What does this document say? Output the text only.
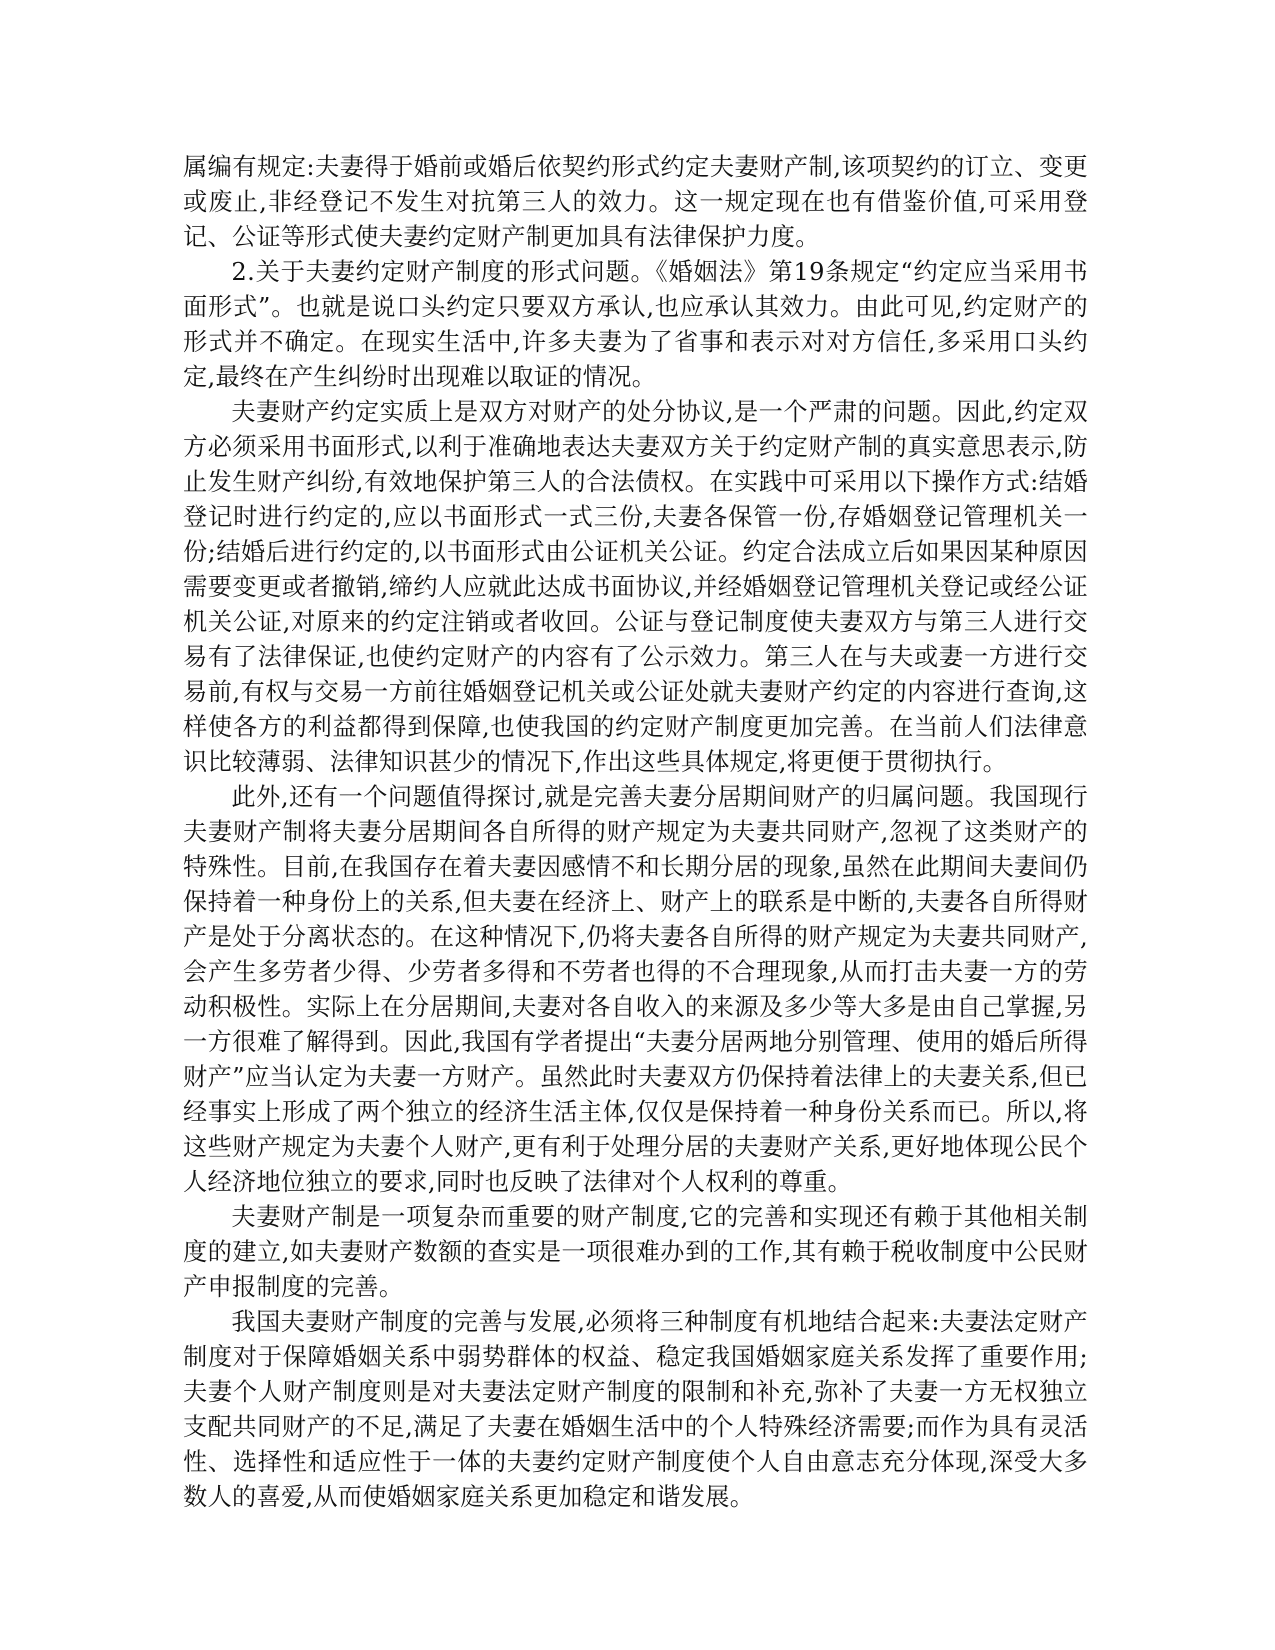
属编有规定:夫妻得于婚前或婚后依契约形式约定夫妻财产制,该项契约的订立、变更或废止,非经登记不发生对抗第三人的效力。这一规定现在也有借鉴价值,可采用登记、公证等形式使夫妻约定财产制更加具有法律保护力度。

2.关于夫妻约定财产制度的形式问题。《婚姻法》第19条规定“约定应当采用书面形式”。也就是说口头约定只要双方承认,也应承认其效力。由此可见,约定财产的形式并不确定。在现实生活中,许多夫妻为了省事和表示对对方信任,多采用口头约定,最终在产生纠纷时出现难以取证的情况。

夫妻财产约定实质上是双方对财产的处分协议,是一个严肃的问题。因此,约定双方必须采用书面形式,以利于准确地表达夫妻双方关于约定财产制的真实意思表示,防止发生财产纠纷,有效地保护第三人的合法债权。在实践中可采用以下操作方式:结婚登记时进行约定的,应以书面形式一式三份,夫妻各保管一份,存婚姻登记管理机关一份;结婚后进行约定的,以书面形式由公证机关公证。约定合法成立后如果因某种原因需要变更或者撤销,缔约人应就此达成书面协议,并经婚姻登记管理机关登记或经公证机关公证,对原来的约定注销或者收回。公证与登记制度使夫妻双方与第三人进行交易有了法律保证,也使约定财产的内容有了公示效力。第三人在与夫或妻一方进行交易前,有权与交易一方前往婚姻登记机关或公证处就夫妻财产约定的内容进行查询,这样使各方的利益都得到保障,也使我国的约定财产制度更加完善。在当前人们法律意识比较薄弱、法律知识甚少的情况下,作出这些具体规定,将更便于贯彻执行。

此外,还有一个问题值得探讨,就是完善夫妻分居期间财产的归属问题。我国现行夫妻财产制将夫妻分居期间各自所得的财产规定为夫妻共同财产,忽视了这类财产的特殊性。目前,在我国存在着夫妻因感情不和长期分居的现象,虽然在此期间夫妻间仍保持着一种身份上的关系,但夫妻在经济上、财产上的联系是中断的,夫妻各自所得财产是处于分离状态的。在这种情况下,仍将夫妻各自所得的财产规定为夫妻共同财产,会产生多劳者少得、少劳者多得和不劳者也得的不合理现象,从而打击夫妻一方的劳动积极性。实际上在分居期间,夫妻对各自收入的来源及多少等大多是由自己掌握,另一方很难了解得到。因此,我国有学者提出“夫妻分居两地分别管理、使用的婚后所得财产”应当认定为夫妻一方财产。虽然此时夫妻双方仍保持着法律上的夫妻关系,但已经事实上形成了两个独立的经济生活主体,仅仅是保持着一种身份关系而已。所以,将这些财产规定为夫妻个人财产,更有利于处理分居的夫妻财产关系,更好地体现公民个人经济地位独立的要求,同时也反映了法律对个人权利的尊重。

夫妻财产制是一项复杂而重要的财产制度,它的完善和实现还有赖于其他相关制度的建立,如夫妻财产数额的查实是一项很难办到的工作,其有赖于税收制度中公民财产申报制度的完善。

我国夫妻财产制度的完善与发展,必须将三种制度有机地结合起来:夫妻法定财产制度对于保障婚姻关系中弱势群体的权益、稳定我国婚姻家庭关系发挥了重要作用;夫妻个人财产制度则是对夫妻法定财产制度的限制和补充,弥补了夫妻一方无权独立支配共同财产的不足,满足了夫妻在婚姻生活中的个人特殊经济需要;而作为具有灵活性、选择性和适应性于一体的夫妻约定财产制度使个人自由意志充分体现,深受大多数人的喜爱,从而使婚姻家庭关系更加稳定和谐发展。
